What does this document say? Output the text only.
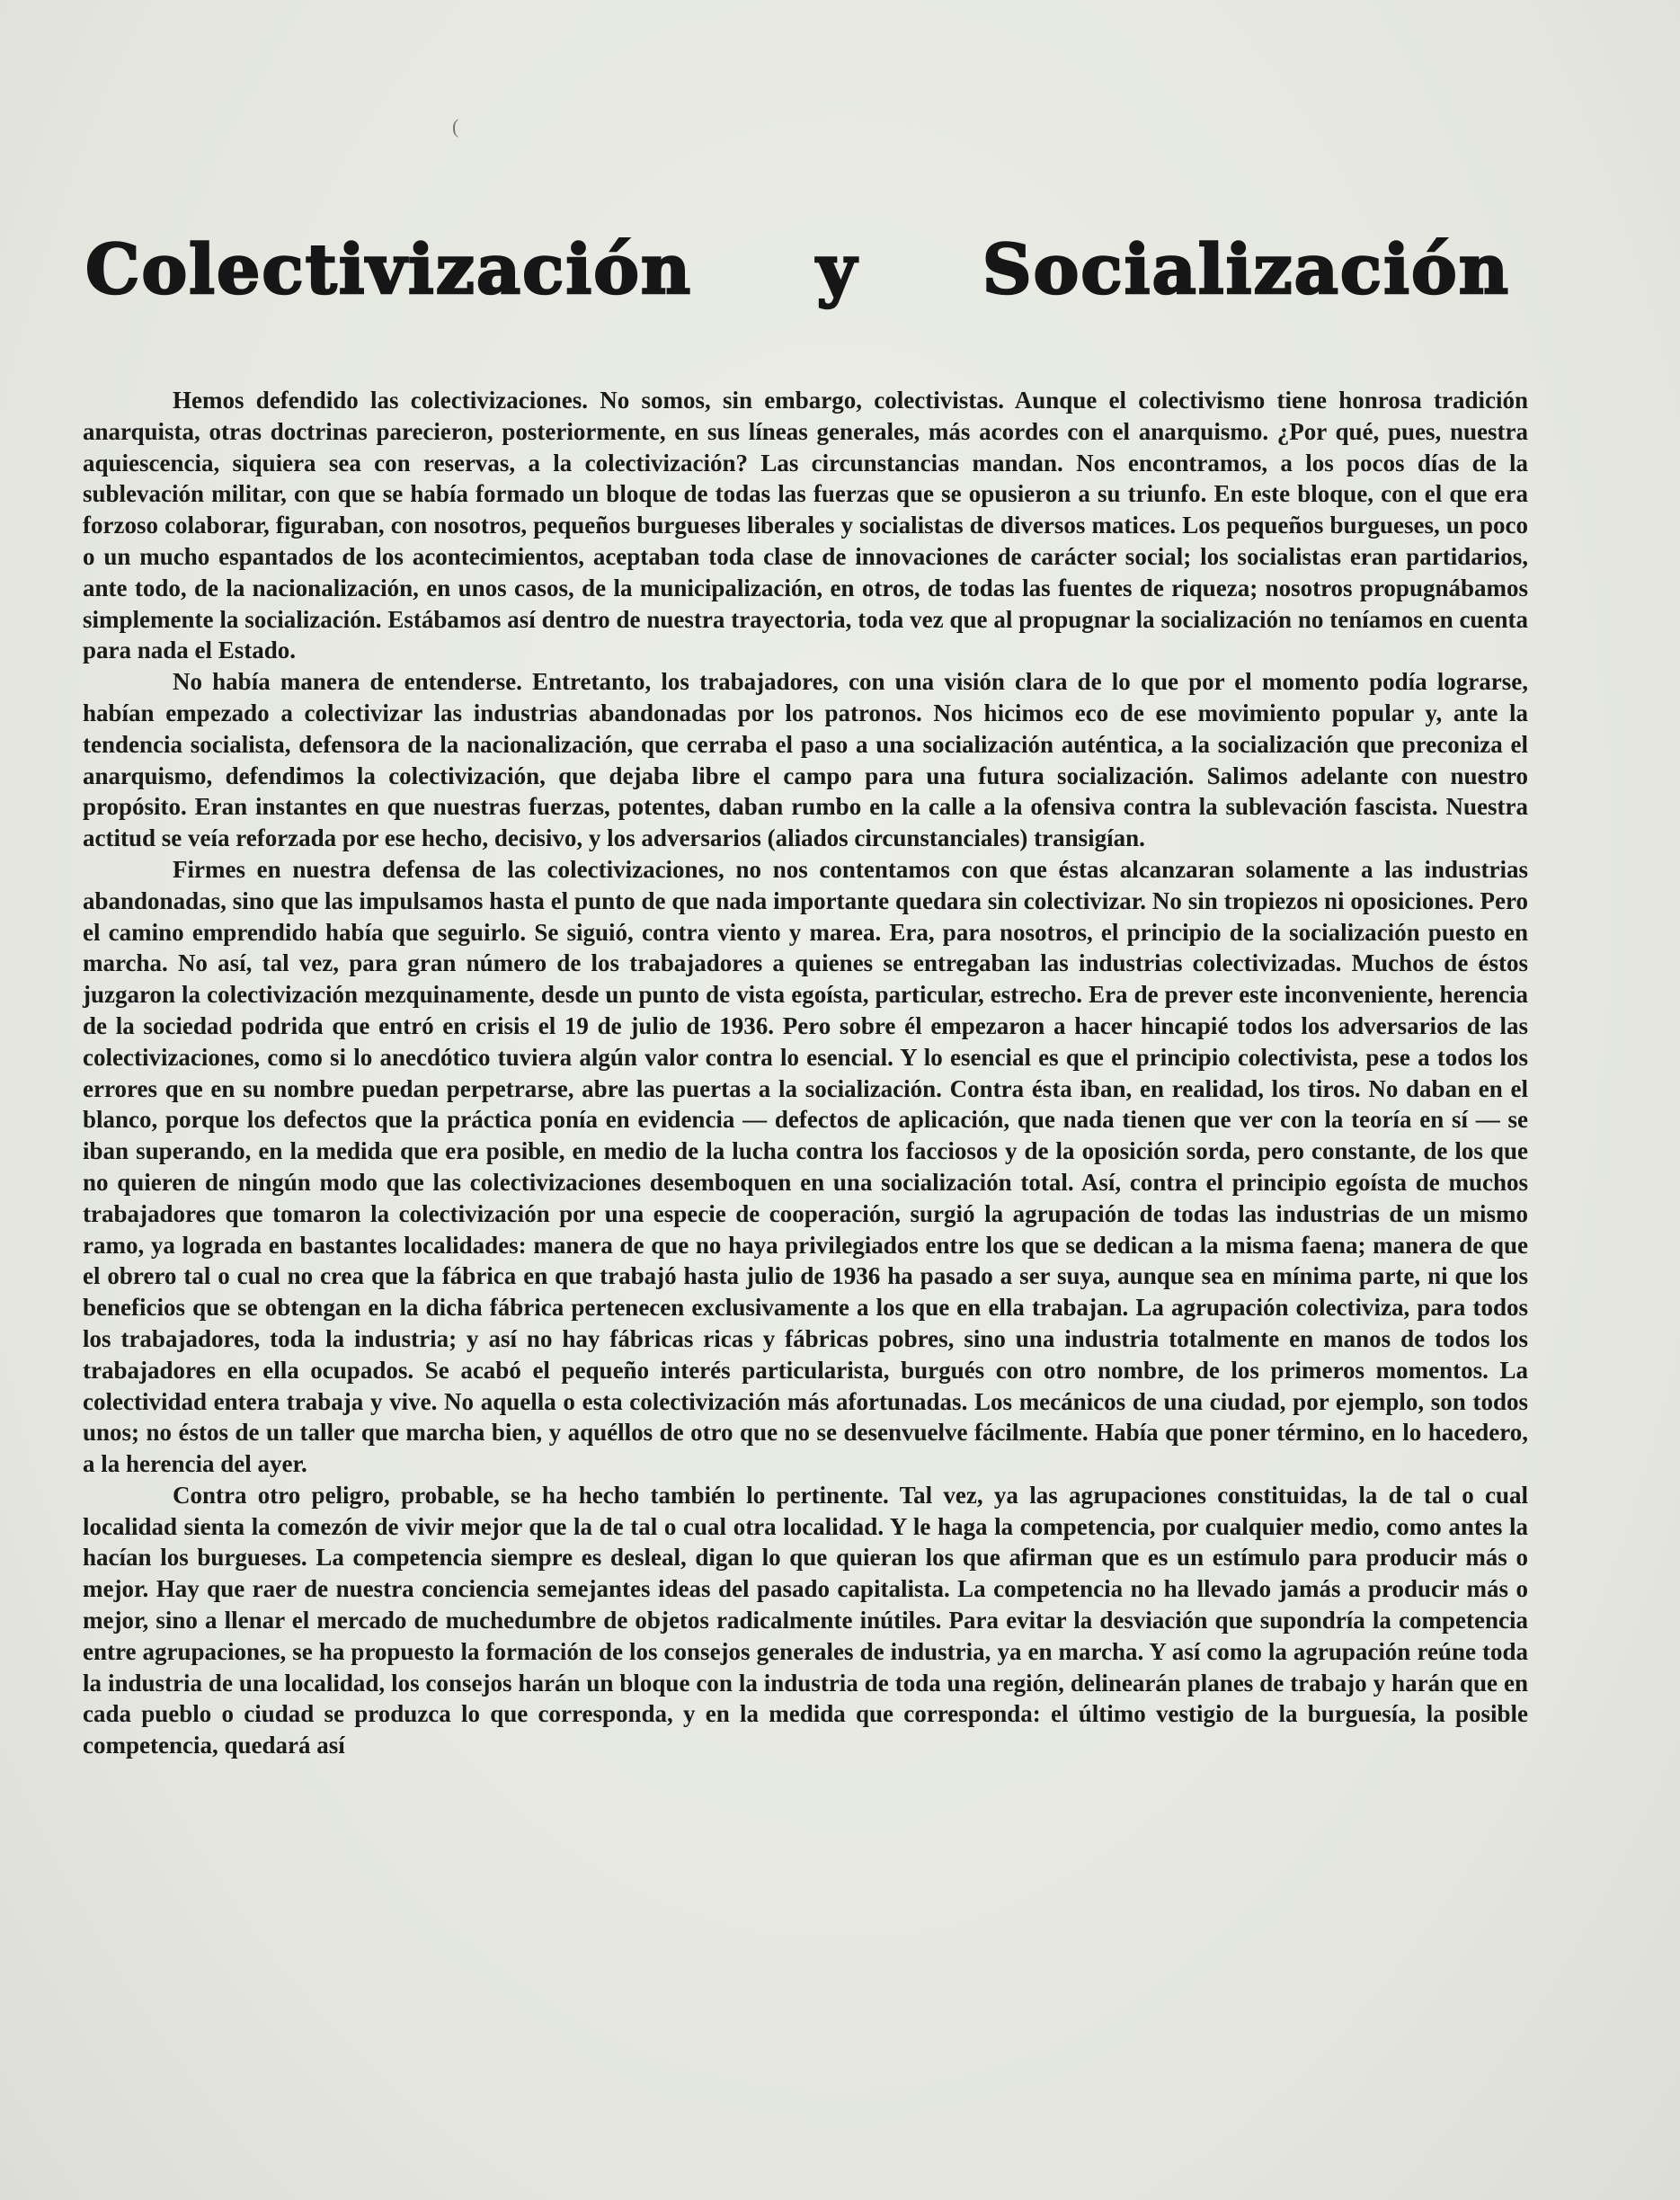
(
Colectivización y Socialización

Hemos defendido las colectivizaciones. No somos, sin embargo, colectivistas. Aunque el colectivismo tiene honrosa tradición anarquista, otras doctrinas parecieron, posteriormente, en sus líneas generales, más acordes con el anarquismo. ¿Por qué, pues, nuestra aquiescencia, siquiera sea con reservas, a la colectivización? Las circunstancias mandan. Nos encontramos, a los pocos días de la sublevación militar, con que se había formado un bloque de todas las fuerzas que se opusieron a su triunfo. En este bloque, con el que era forzoso colaborar, figuraban, con nosotros, pequeños burgueses liberales y socialistas de diversos matices. Los pequeños burgueses, un poco o un mucho espantados de los acontecimientos, aceptaban toda clase de innovaciones de carácter social; los socialistas eran partidarios, ante todo, de la nacionalización, en unos casos, de la municipalización, en otros, de todas las fuentes de riqueza; nosotros propugnábamos simplemente la socialización. Estábamos así dentro de nuestra trayectoria, toda vez que al propugnar la socialización no teníamos en cuenta para nada el Estado.

No había manera de entenderse. Entretanto, los trabajadores, con una visión clara de lo que por el momento podía lograrse, habían empezado a colectivizar las industrias abandonadas por los patronos. Nos hicimos eco de ese movimiento popular y, ante la tendencia socialista, defensora de la nacionalización, que cerraba el paso a una socialización auténtica, a la socialización que preconiza el anarquismo, defendimos la colectivización, que dejaba libre el campo para una futura socialización. Salimos adelante con nuestro propósito. Eran instantes en que nuestras fuerzas, potentes, daban rumbo en la calle a la ofensiva contra la sublevación fascista. Nuestra actitud se veía reforzada por ese hecho, decisivo, y los adversarios (aliados circunstanciales) transigían.

Firmes en nuestra defensa de las colectivizaciones, no nos contentamos con que éstas alcanzaran solamente a las industrias abandonadas, sino que las impulsamos hasta el punto de que nada importante quedara sin colectivizar. No sin tropiezos ni oposiciones. Pero el camino emprendido había que seguirlo. Se siguió, contra viento y marea. Era, para nosotros, el principio de la socialización puesto en marcha. No así, tal vez, para gran número de los trabajadores a quienes se entregaban las industrias colectivizadas. Muchos de éstos juzgaron la colectivización mezquinamente, desde un punto de vista egoísta, particular, estrecho. Era de prever este inconveniente, herencia de la sociedad podrida que entró en crisis el 19 de julio de 1936. Pero sobre él empezaron a hacer hincapié todos los adversarios de las colectivizaciones, como si lo anecdótico tuviera algún valor contra lo esencial. Y lo esencial es que el principio colectivista, pese a todos los errores que en su nombre puedan perpetrarse, abre las puertas a la socialización. Contra ésta iban, en realidad, los tiros. No daban en el blanco, porque los defectos que la práctica ponía en evidencia — defectos de aplicación, que nada tienen que ver con la teoría en sí — se iban superando, en la medida que era posible, en medio de la lucha contra los facciosos y de la oposición sorda, pero constante, de los que no quieren de ningún modo que las colectivizaciones desemboquen en una socialización total. Así, contra el principio egoísta de muchos trabajadores que tomaron la colectivización por una especie de cooperación, surgió la agrupación de todas las industrias de un mismo ramo, ya lograda en bastantes localidades: manera de que no haya privilegiados entre los que se dedican a la misma faena; manera de que el obrero tal o cual no crea que la fábrica en que trabajó hasta julio de 1936 ha pasado a ser suya, aunque sea en mínima parte, ni que los beneficios que se obtengan en la dicha fábrica pertenecen exclusivamente a los que en ella trabajan. La agrupación colectiviza, para todos los trabajadores, toda la industria; y así no hay fábricas ricas y fábricas pobres, sino una industria totalmente en manos de todos los trabajadores en ella ocupados. Se acabó el pequeño interés particularista, burgués con otro nombre, de los primeros momentos. La colectividad entera trabaja y vive. No aquella o esta colectivización más afortunadas. Los mecánicos de una ciudad, por ejemplo, son todos unos; no éstos de un taller que marcha bien, y aquéllos de otro que no se desenvuelve fácilmente. Había que poner término, en lo hacedero, a la herencia del ayer.

Contra otro peligro, probable, se ha hecho también lo pertinente. Tal vez, ya las agrupaciones constituidas, la de tal o cual localidad sienta la comezón de vivir mejor que la de tal o cual otra localidad. Y le haga la competencia, por cualquier medio, como antes la hacían los burgueses. La competencia siempre es desleal, digan lo que quieran los que afirman que es un estímulo para producir más o mejor. Hay que raer de nuestra conciencia semejantes ideas del pasado capitalista. La competencia no ha llevado jamás a producir más o mejor, sino a llenar el mercado de muchedumbre de objetos radicalmente inútiles. Para evitar la desviación que supondría la competencia entre agrupaciones, se ha propuesto la formación de los consejos generales de industria, ya en marcha. Y así como la agrupación reúne toda la industria de una localidad, los consejos harán un bloque con la industria de toda una región, delinearán planes de trabajo y harán que en cada pueblo o ciudad se produzca lo que corresponda, y en la medida que corresponda: el último vestigio de la burguesía, la posible competencia, quedará así
